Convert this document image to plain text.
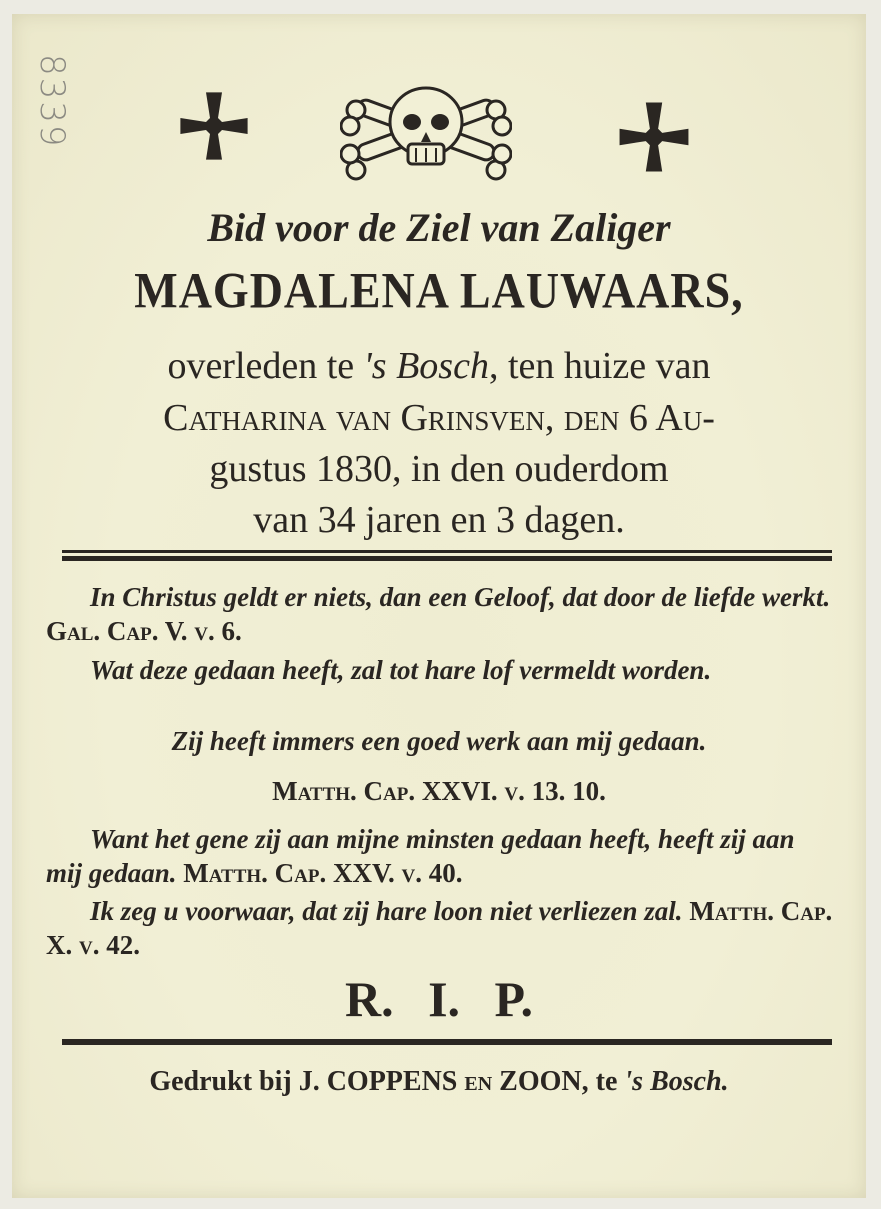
8339
Bid voor de Ziel van Zaliger
MAGDALENA LAUWAARS,
overleden te 's Bosch, ten huize van
Catharina van Grinsven, den 6 Au-
gustus 1830, in den ouderdom
van 34 jaren en 3 dagen.
In Christus geldt er niets, dan een Geloof, dat door de liefde werkt. Gal. Cap. V. v. 6.
Wat deze gedaan heeft, zal tot hare lof vermeldt worden.
Zij heeft immers een goed werk aan mij gedaan.
Matth. Cap. XXVI. v. 13. 10.
Want het gene zij aan mijne minsten gedaan heeft, heeft zij aan mij gedaan. Matth. Cap. XXV. v. 40.
Ik zeg u voorwaar, dat zij hare loon niet verliezen zal. Matth. Cap. X. v. 42.
R. I. P.
Gedrukt bij J. COPPENS EN ZOON, te 's Bosch.
